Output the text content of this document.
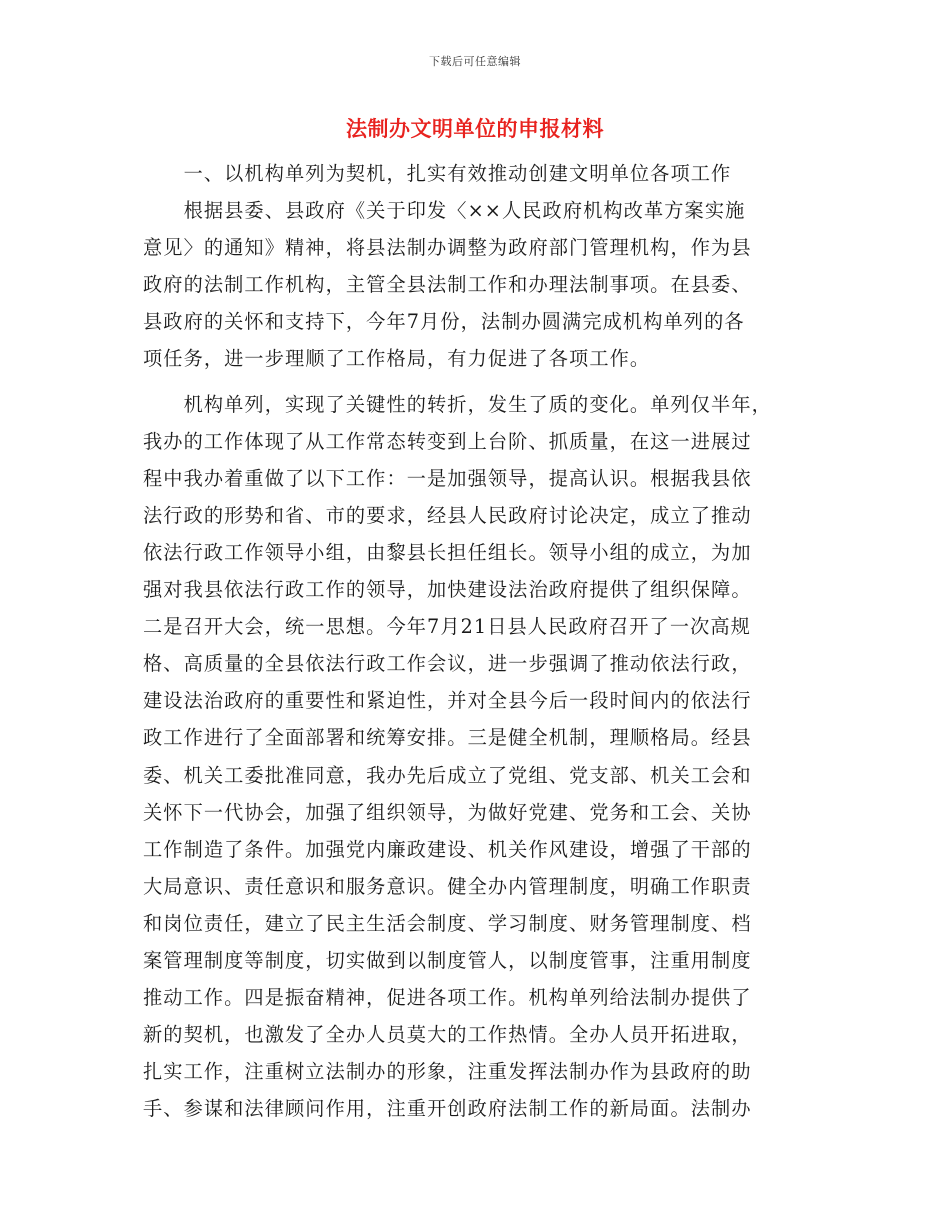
下载后可任意编辑
法制办文明单位的申报材料
　　一、以机构单列为契机，扎实有效推动创建文明单位各项工作
　　根据县委、县政府《关于印发〈××人民政府机构改革方案实施
意见〉的通知》精神，将县法制办调整为政府部门管理机构，作为县
政府的法制工作机构，主管全县法制工作和办理法制事项。在县委、
县政府的关怀和支持下，今年7月份，法制办圆满完成机构单列的各
项任务，进一步理顺了工作格局，有力促进了各项工作。
　　机构单列，实现了关键性的转折，发生了质的变化。单列仅半年，
我办的工作体现了从工作常态转变到上台阶、抓质量，在这一进展过
程中我办着重做了以下工作：一是加强领导，提高认识。根据我县依
法行政的形势和省、市的要求，经县人民政府讨论决定，成立了推动
依法行政工作领导小组，由黎县长担任组长。领导小组的成立，为加
强对我县依法行政工作的领导，加快建设法治政府提供了组织保障。
二是召开大会，统一思想。今年7月21日县人民政府召开了一次高规
格、高质量的全县依法行政工作会议，进一步强调了推动依法行政，
建设法治政府的重要性和紧迫性，并对全县今后一段时间内的依法行
政工作进行了全面部署和统筹安排。三是健全机制，理顺格局。经县
委、机关工委批准同意，我办先后成立了党组、党支部、机关工会和
关怀下一代协会，加强了组织领导，为做好党建、党务和工会、关协
工作制造了条件。加强党内廉政建设、机关作风建设，增强了干部的
大局意识、责任意识和服务意识。健全办内管理制度，明确工作职责
和岗位责任，建立了民主生活会制度、学习制度、财务管理制度、档
案管理制度等制度，切实做到以制度管人，以制度管事，注重用制度
推动工作。四是振奋精神，促进各项工作。机构单列给法制办提供了
新的契机，也激发了全办人员莫大的工作热情。全办人员开拓进取，
扎实工作，注重树立法制办的形象，注重发挥法制办作为县政府的助
手、参谋和法律顾问作用，注重开创政府法制工作的新局面。法制办
